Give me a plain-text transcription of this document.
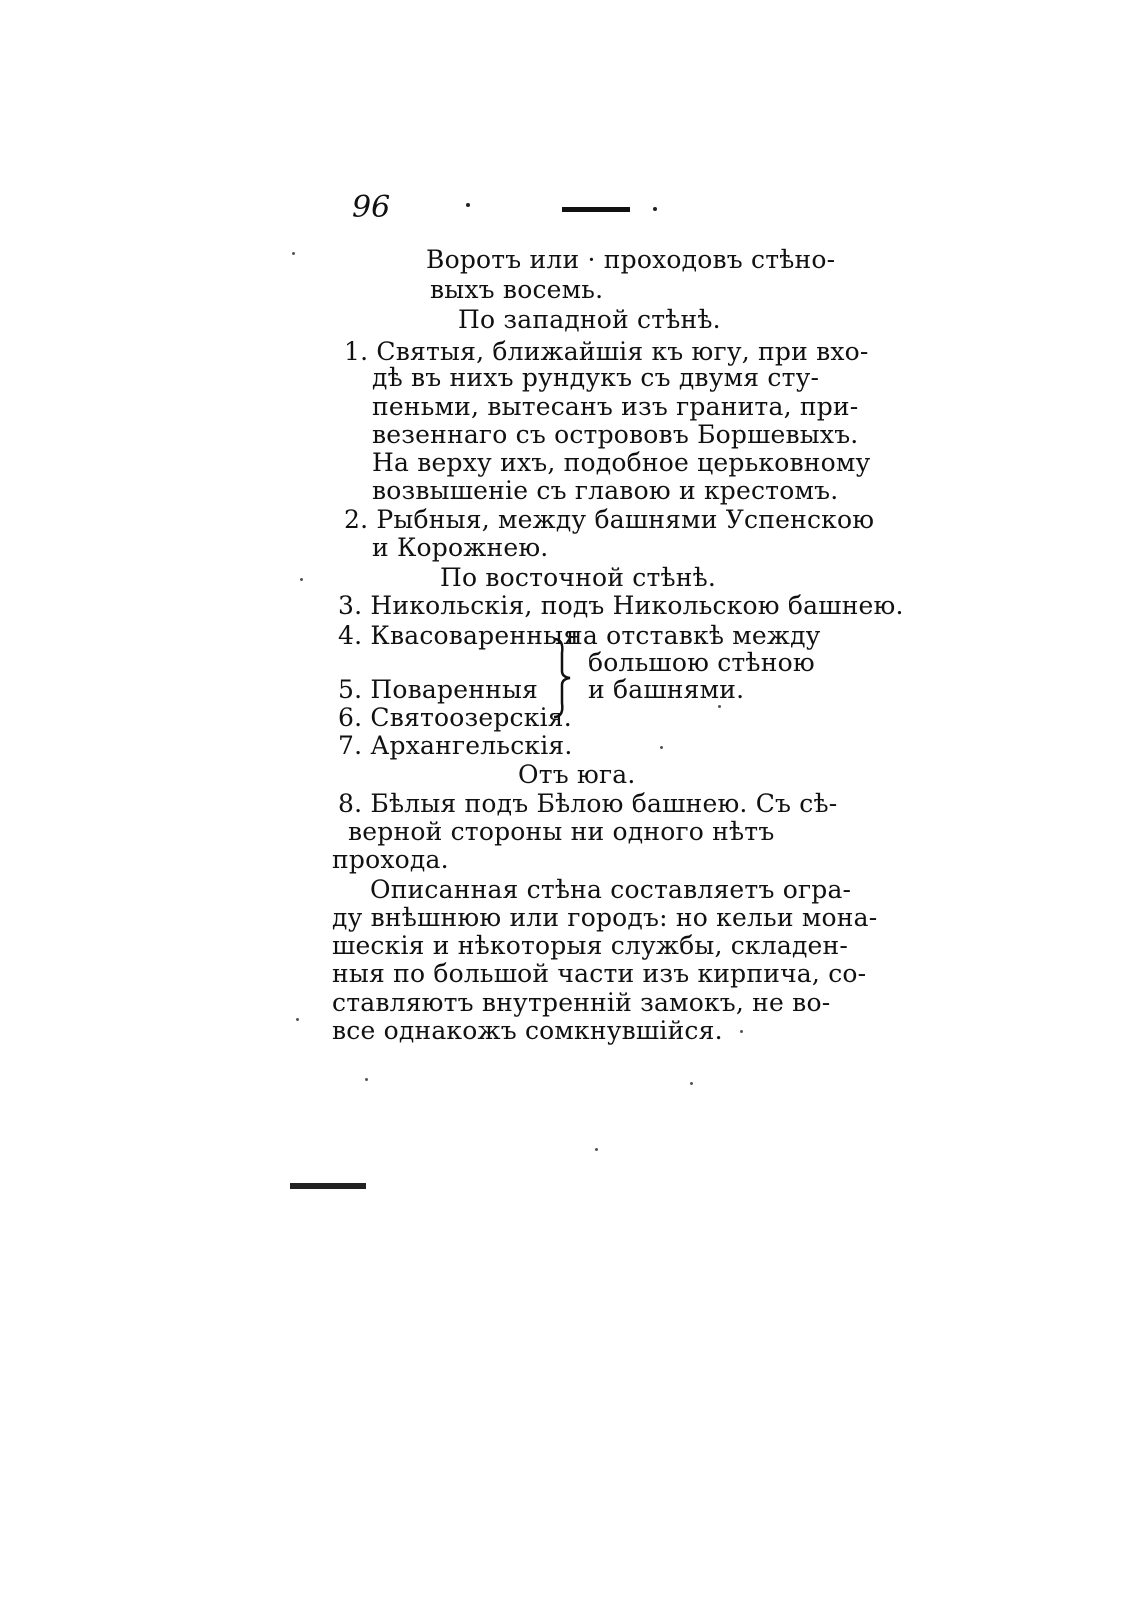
96
Воротъ или · проходовъ стѣно-
выхъ восемь.
По западной стѣнѣ.
1. Святыя, ближайшія къ югу, при вхо-
дѣ въ нихъ рундукъ съ двумя сту-
пеньми, вытесанъ изъ гранита, при-
везеннаго съ острововъ Боршевыхъ.
На верху ихъ, подобное церьковному
возвышеніе съ главою и крестомъ.
2. Рыбныя, между башнями Успенскою
и Корожнею.
По восточной стѣнѣ.
3. Никольскія, подъ Никольскою башнею.
4. Квасоваренныя
на отставкѣ между
большою стѣною
5. Поваренныя и башнями.
6. Святоозерскія.
7. Архангельскія.
Отъ юга.
8. Бѣлыя подъ Бѣлою башнею. Съ сѣ-
верной стороны ни одного нѣтъ
прохода.
Описанная стѣна составляетъ огра-
ду внѣшнюю или городъ: но кельи мона-
шескія и нѣкоторыя службы, складен-
ныя по большой части изъ кирпича, со-
ставляютъ внутренній замокъ, не во-
все однакожъ сомкнувшійся.
